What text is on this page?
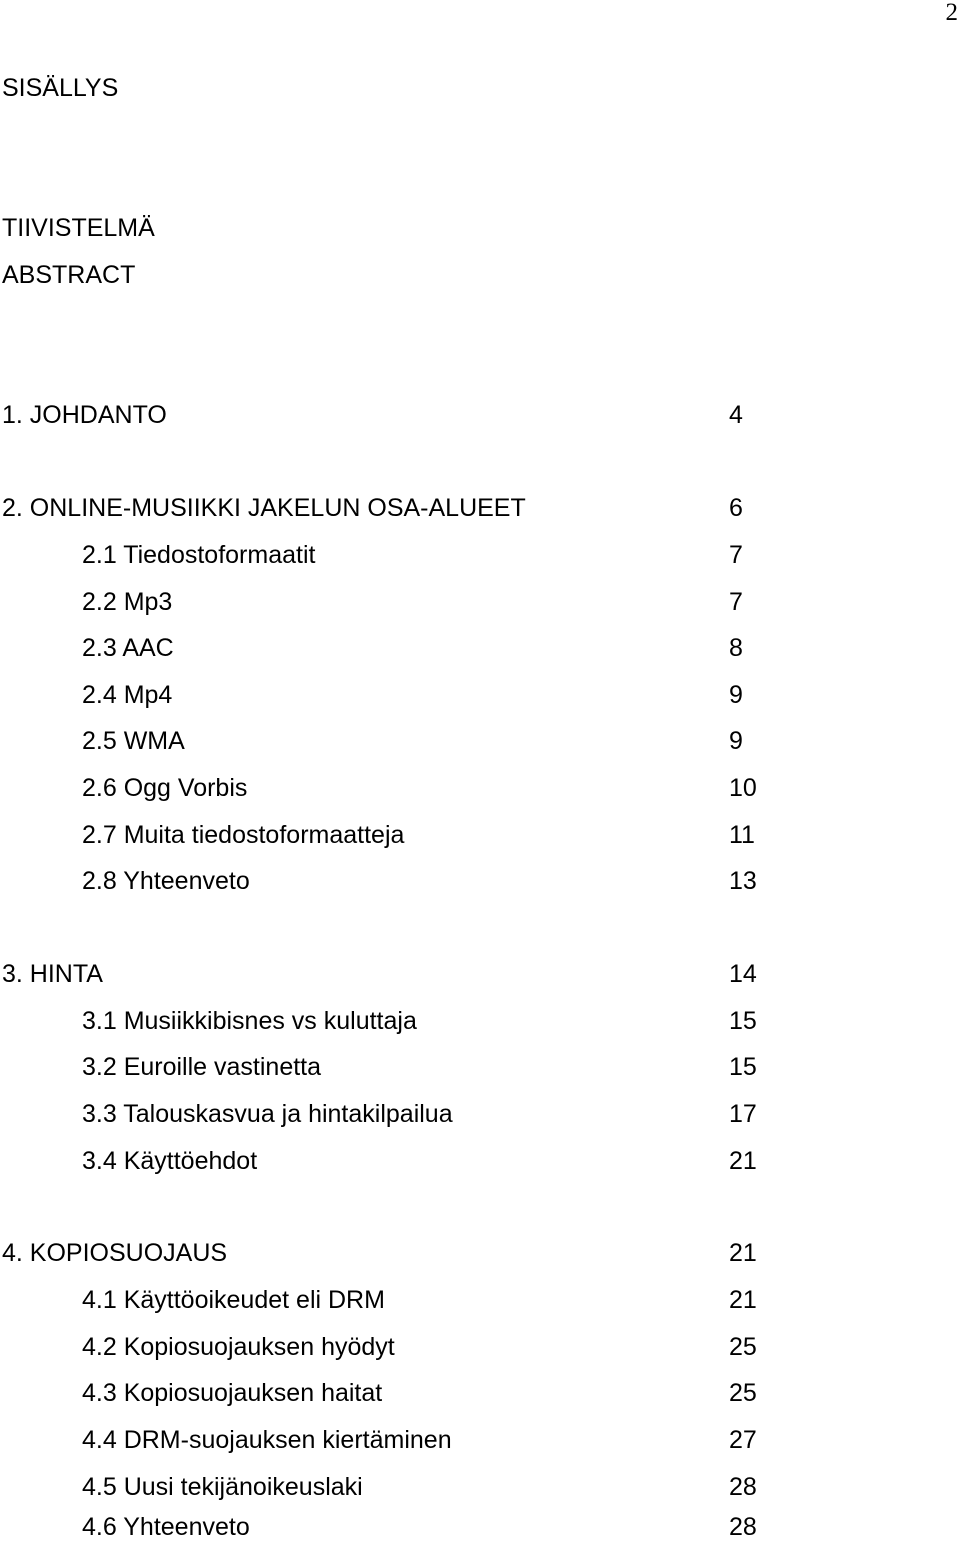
2
SISÄLLYS
TIIVISTELMÄ
ABSTRACT
1. JOHDANTO	4
2. ONLINE-MUSIIKKI JAKELUN OSA-ALUEET	6
2.1 Tiedostoformaatit	7
2.2 Mp3	7
2.3 AAC	8
2.4 Mp4	9
2.5 WMA	9
2.6 Ogg Vorbis	10
2.7 Muita tiedostoformaatteja	11
2.8 Yhteenveto	13
3. HINTA	14
3.1 Musiikkibisnes vs kuluttaja	15
3.2 Euroille vastinetta	15
3.3 Talouskasvua ja hintakilpailua	17
3.4 Käyttöehdot	21
4. KOPIOSUOJAUS	21
4.1 Käyttöoikeudet eli DRM	21
4.2 Kopiosuojauksen hyödyt	25
4.3 Kopiosuojauksen haitat	25
4.4 DRM-suojauksen kiertäminen	27
4.5 Uusi tekijänoikeuslaki	28
4.6 Yhteenveto	28
